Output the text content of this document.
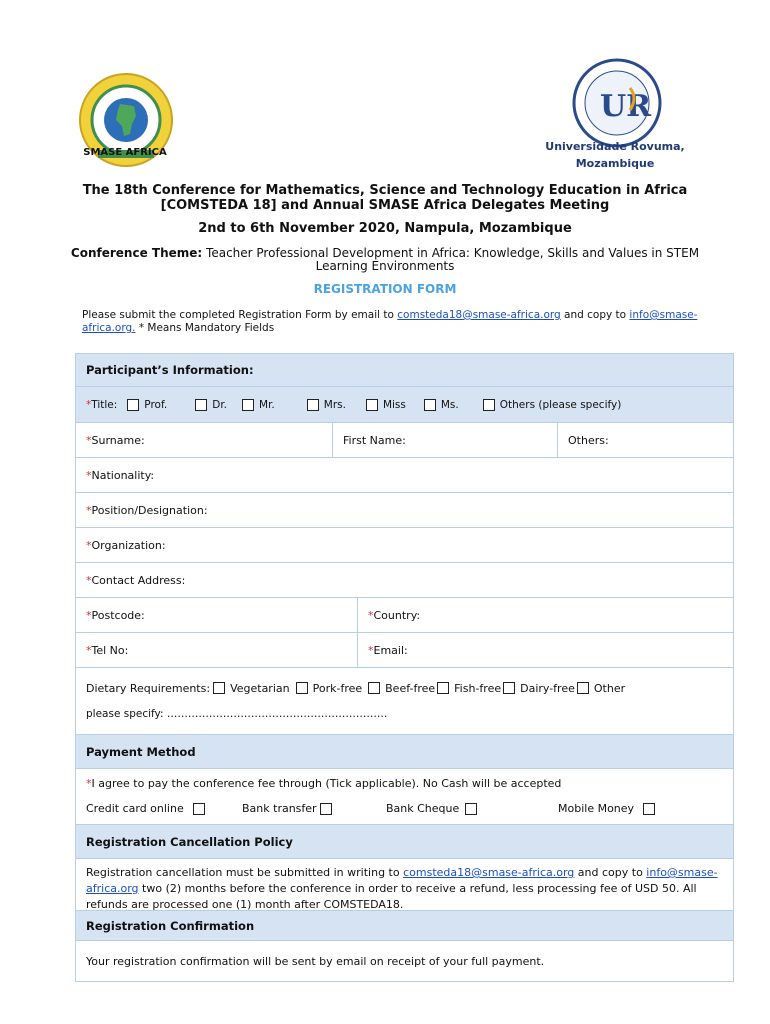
SMASE AFRICA
UR
Universidade Rovuma,
Mozambique
The 18th Conference for Mathematics, Science and Technology Education in Africa
[COMSTEDA 18] and Annual SMASE Africa Delegates Meeting
2nd to 6th November 2020, Nampula, Mozambique
Conference Theme: Teacher Professional Development in Africa: Knowledge, Skills and Values in STEM Learning Environments
REGISTRATION FORM
Please submit the completed Registration Form by email to comsteda18@smase-africa.org and copy to info@smase-africa.org. * Means Mandatory Fields
Participant’s Information:
* Title:	Prof.	Dr.	Mr.	Mrs.	Miss	Ms.	Others (please specify)
* Surname:	First Name:	Others:
* Nationality:
* Position/Designation:
* Organization:
* Contact Address:
* Postcode:	* Country:
* Tel No:	* Email:
Dietary Requirements: Vegetarian Pork-free Beef-free Fish-free Dairy-free Other
please specify: ………………………………………………………
Payment Method
* I agree to pay the conference fee through (Tick applicable). No Cash will be accepted
Credit card online	Bank transfer	Bank Cheque	Mobile Money
Registration Cancellation Policy
Registration cancellation must be submitted in writing to comsteda18@smase-africa.org and copy to info@smase-africa.org two (2) months before the conference in order to receive a refund, less processing fee of USD 50. All refunds are processed one (1) month after COMSTEDA18.
Registration Confirmation
Your registration confirmation will be sent by email on receipt of your full payment.
